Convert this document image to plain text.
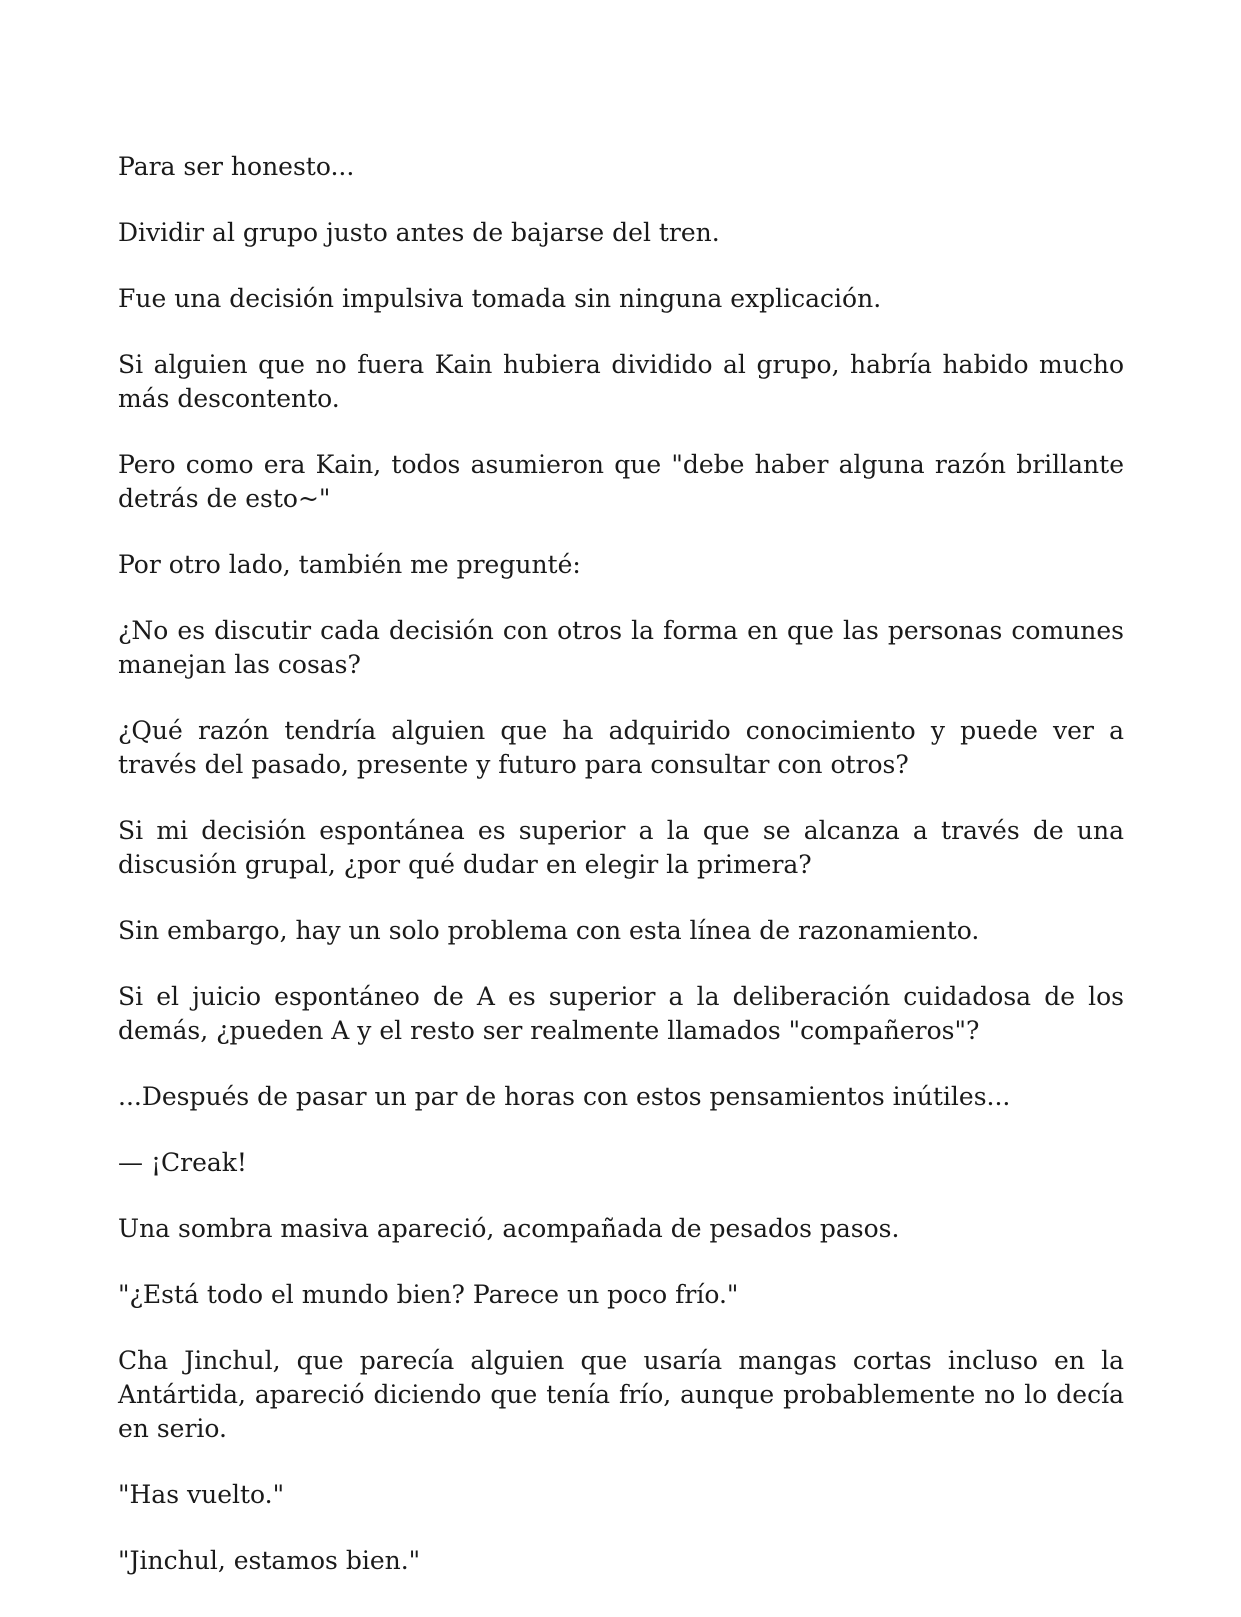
Para ser honesto...

Dividir al grupo justo antes de bajarse del tren.

Fue una decisión impulsiva tomada sin ninguna explicación.

Si alguien que no fuera Kain hubiera dividido al grupo, habría habido mucho más descontento.

Pero como era Kain, todos asumieron que "debe haber alguna razón brillante detrás de esto~"

Por otro lado, también me pregunté:

¿No es discutir cada decisión con otros la forma en que las personas comunes manejan las cosas?

¿Qué razón tendría alguien que ha adquirido conocimiento y puede ver a través del pasado, presente y futuro para consultar con otros?

Si mi decisión espontánea es superior a la que se alcanza a través de una discusión grupal, ¿por qué dudar en elegir la primera?

Sin embargo, hay un solo problema con esta línea de razonamiento.

Si el juicio espontáneo de A es superior a la deliberación cuidadosa de los demás, ¿pueden A y el resto ser realmente llamados "compañeros"?

...Después de pasar un par de horas con estos pensamientos inútiles...

— ¡Creak!

Una sombra masiva apareció, acompañada de pesados pasos.

"¿Está todo el mundo bien? Parece un poco frío."

Cha Jinchul, que parecía alguien que usaría mangas cortas incluso en la Antártida, apareció diciendo que tenía frío, aunque probablemente no lo decía en serio.

"Has vuelto."

"Jinchul, estamos bien."
